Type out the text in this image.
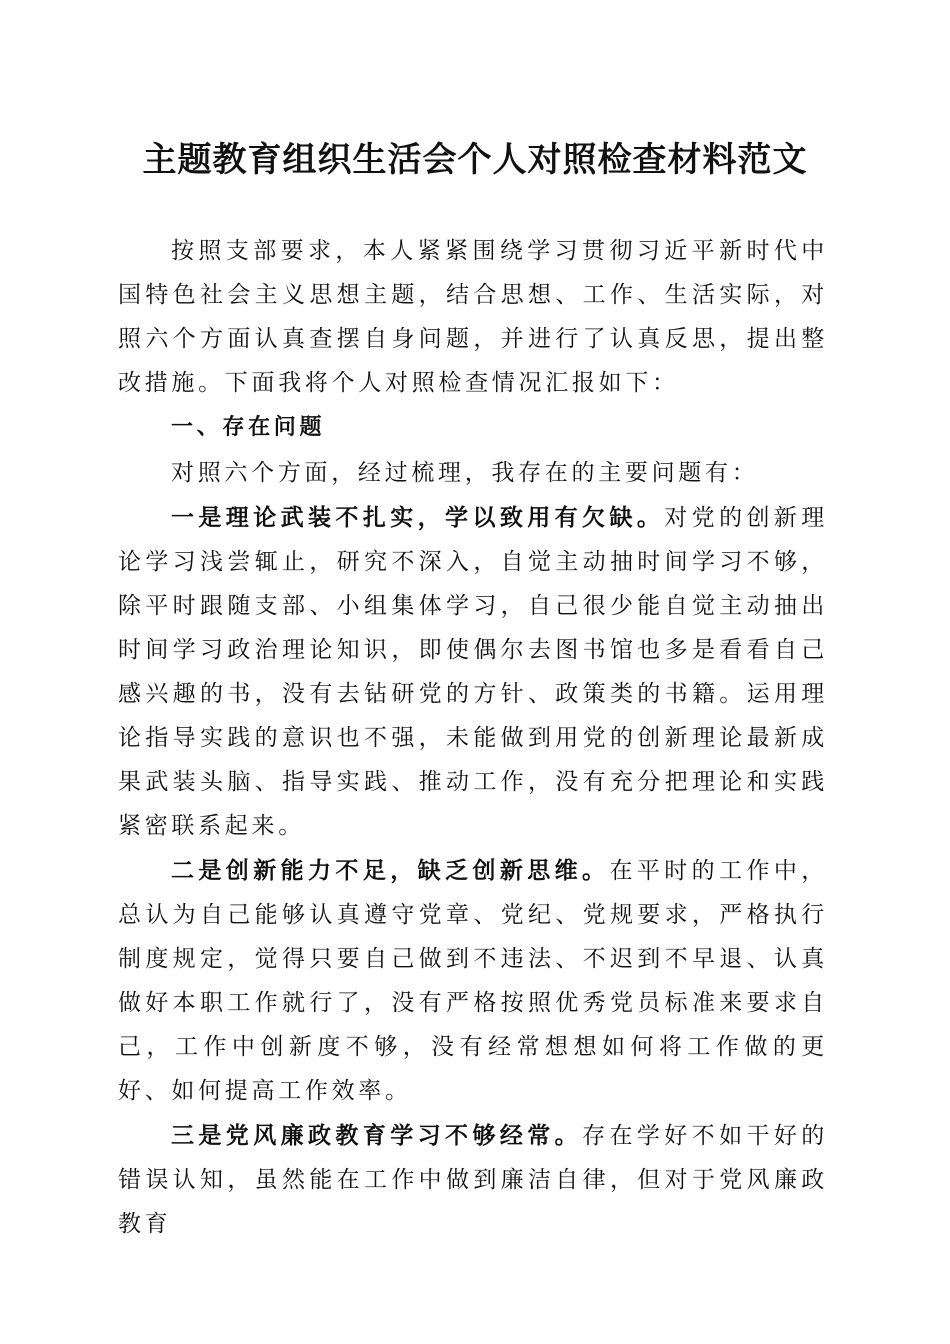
主题教育组织生活会个人对照检查材料范文

按照支部要求，本人紧紧围绕学习贯彻习近平新时代中国特色社会主义思想主题，结合思想、工作、生活实际，对照六个方面认真查摆自身问题，并进行了认真反思，提出整改措施。下面我将个人对照检查情况汇报如下：

一、存在问题

对照六个方面，经过梳理，我存在的主要问题有：

一是理论武装不扎实，学以致用有欠缺。对党的创新理论学习浅尝辄止，研究不深入，自觉主动抽时间学习不够，除平时跟随支部、小组集体学习，自己很少能自觉主动抽出时间学习政治理论知识，即使偶尔去图书馆也多是看看自己感兴趣的书，没有去钻研党的方针、政策类的书籍。运用理论指导实践的意识也不强，未能做到用党的创新理论最新成果武装头脑、指导实践、推动工作，没有充分把理论和实践紧密联系起来。

二是创新能力不足，缺乏创新思维。在平时的工作中，总认为自己能够认真遵守党章、党纪、党规要求，严格执行制度规定，觉得只要自己做到不违法、不迟到不早退、认真做好本职工作就行了，没有严格按照优秀党员标准来要求自己，工作中创新度不够，没有经常想想如何将工作做的更好、如何提高工作效率。

三是党风廉政教育学习不够经常。存在学好不如干好的错误认知，虽然能在工作中做到廉洁自律，但对于党风廉政教育
